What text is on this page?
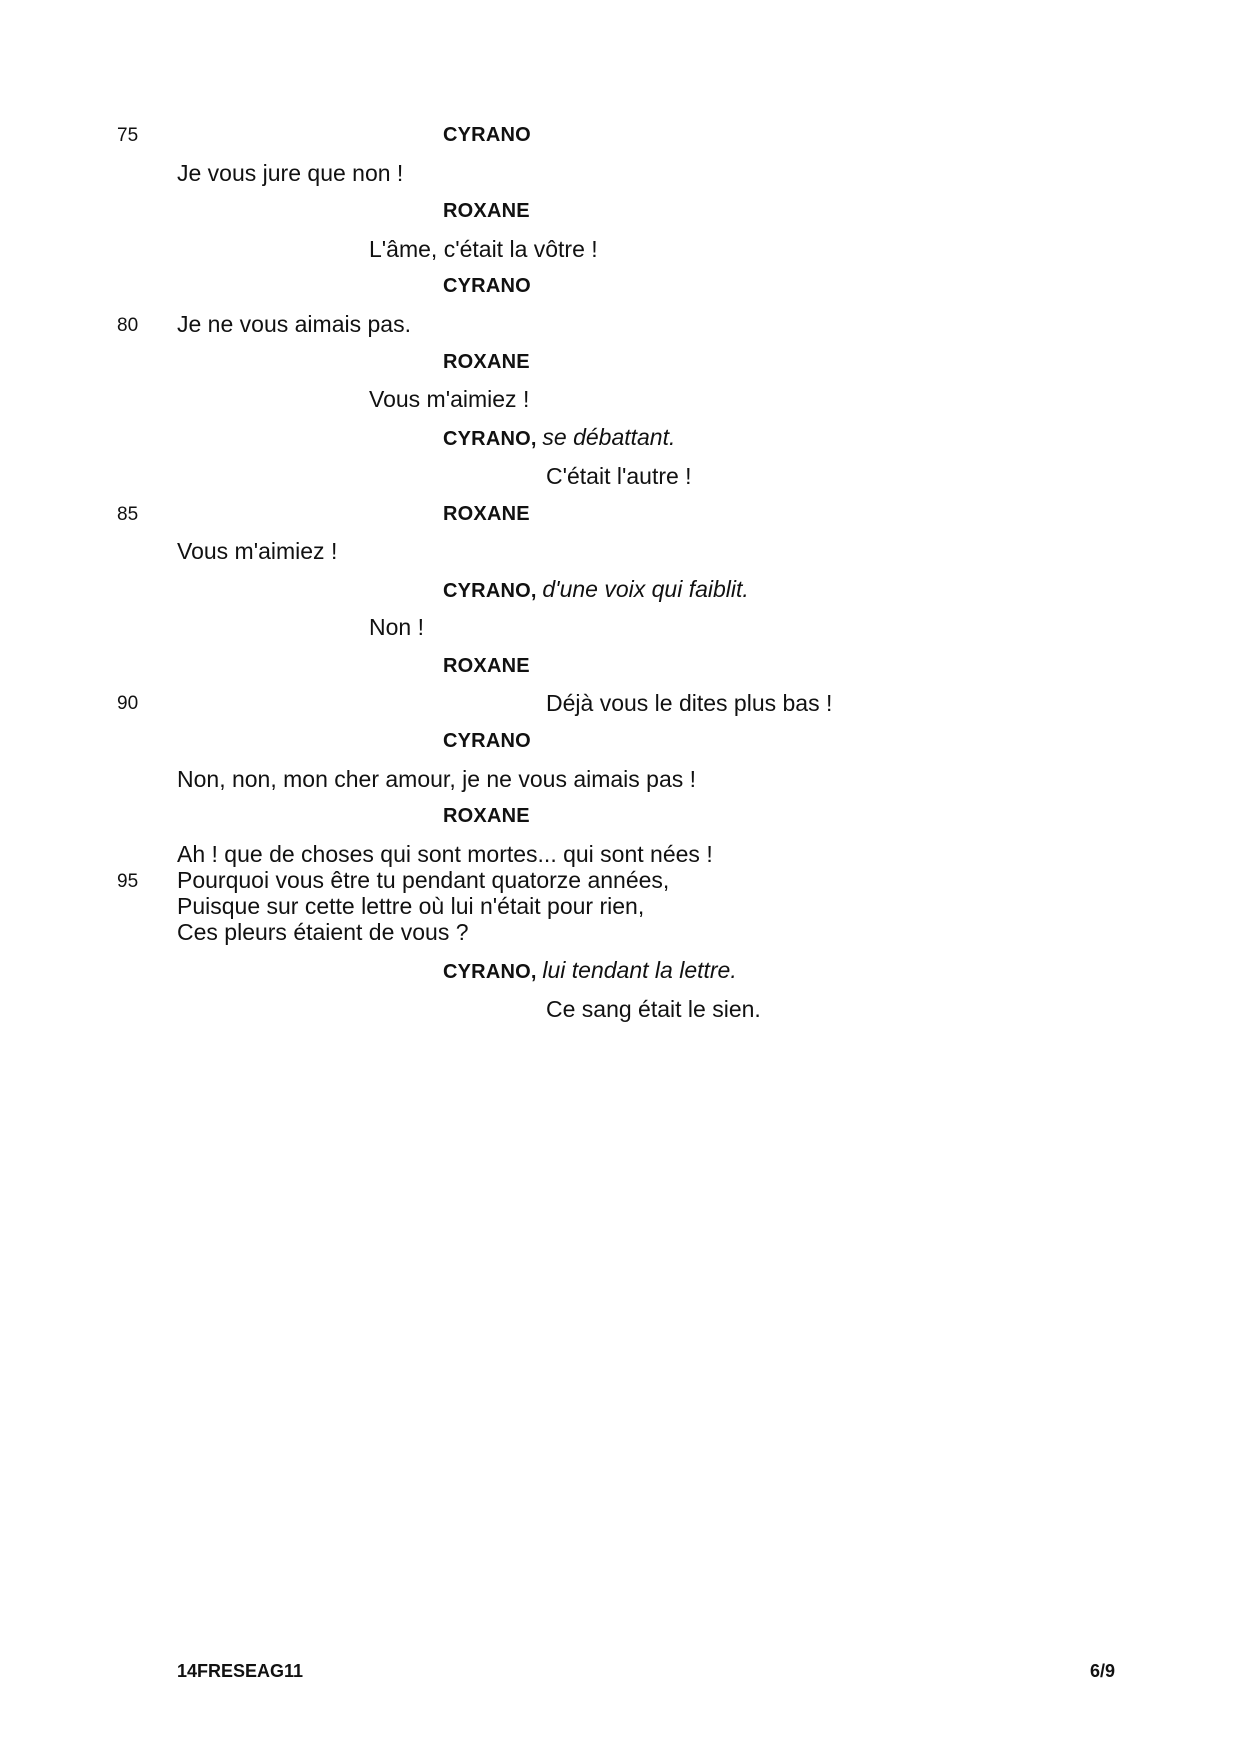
75
80
85
90
95
CYRANO
Je vous jure que non !
ROXANE
L'âme, c'était la vôtre !
CYRANO
Je ne vous aimais pas.
ROXANE
Vous m'aimiez !
CYRANO, se débattant.
C'était l'autre !
ROXANE
Vous m'aimiez !
CYRANO, d'une voix qui faiblit.
Non !
ROXANE
Déjà vous le dites plus bas !
CYRANO
Non, non, mon cher amour, je ne vous aimais pas !
ROXANE
Ah ! que de choses qui sont mortes... qui sont nées !
Pourquoi vous être tu pendant quatorze années,
Puisque sur cette lettre où lui n'était pour rien,
Ces pleurs étaient de vous ?
CYRANO, lui tendant la lettre.
Ce sang était le sien.
14FRESEAG11	6/9
